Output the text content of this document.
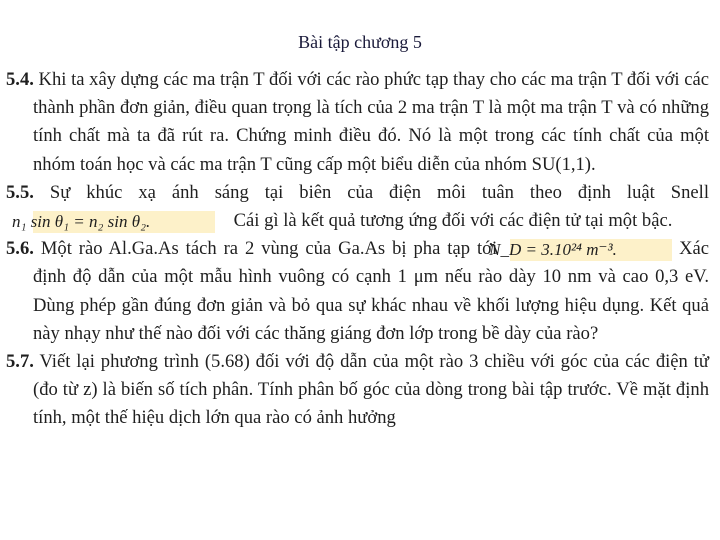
Bài tập chương 5

5.4. Khi ta xây dựng các ma trận T đối với các rào phức tạp thay cho các ma trận T đối với các thành phần đơn giản, điều quan trọng là tích của 2 ma trận T là một ma trận T và có những tính chất mà ta đã rút ra. Chứng minh điều đó. Nó là một trong các tính chất của một nhóm toán học và các ma trận T cũng cấp một biểu diễn của nhóm SU(1,1).

5.5. Sự khúc xạ ánh sáng tại biên của điện môi tuân theo định luật Snell n₁ sin θ₁ = n₂ sin θ₂.	Cái gì là kết quả tương ứng đối với các điện tử tại một bậc.

5.6. Một rào Al.Ga.As tách ra 2 vùng của Ga.As bị pha tạp tới N_D = 3.10²⁴ m⁻³.	Xác định độ dẫn của một mẫu hình vuông có cạnh 1 μm nếu rào dày 10 nm và cao 0,3 eV. Dùng phép gần đúng đơn giản và bỏ qua sự khác nhau về khối lượng hiệu dụng. Kết quả này nhạy như thế nào đối với các thăng giáng đơn lớp trong bề dày của rào?

5.7. Viết lại phương trình (5.68) đối với độ dẫn của một rào 3 chiều với góc của các điện tử (đo từ z) là biến số tích phân. Tính phân bố góc của dòng trong bài tập trước. Về mặt định tính, một thế hiệu dịch lớn qua rào có ảnh hưởng
